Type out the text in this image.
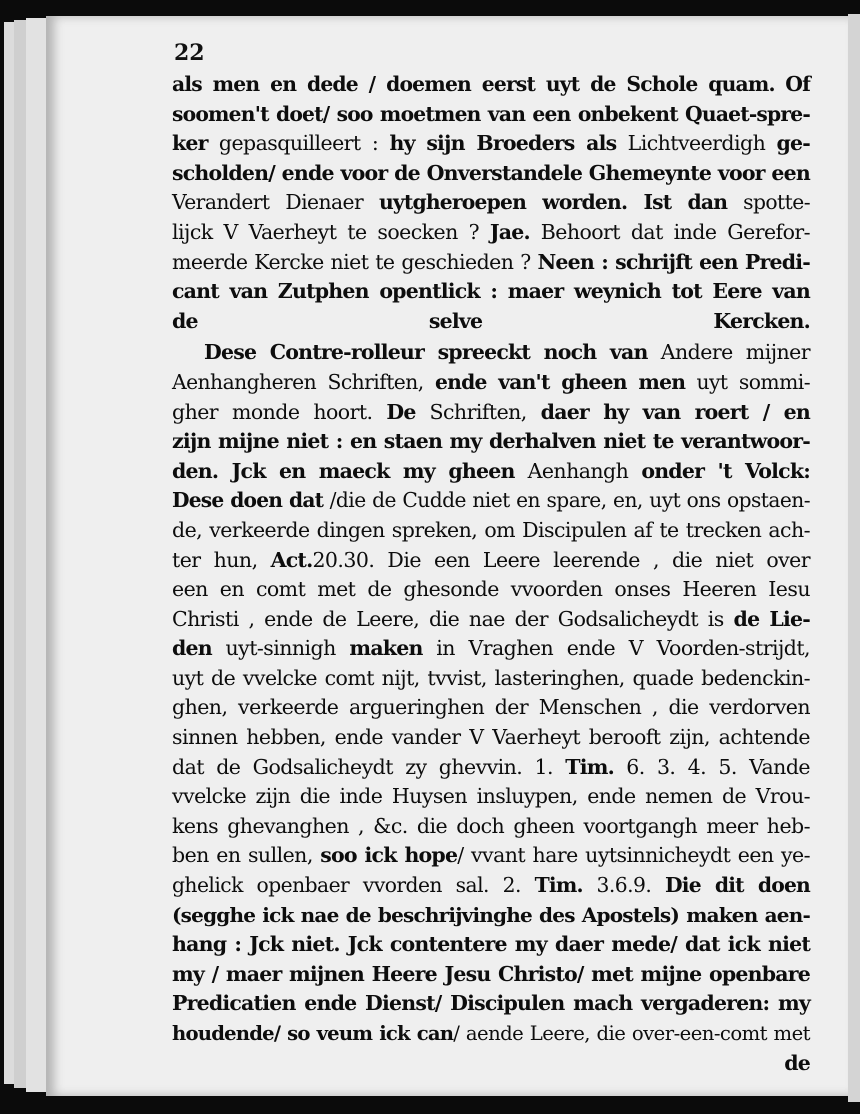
22
als men en dede / doemen eerst uyt de Schole quam. Of
soomen't doet/ soo moetmen van een onbekent Quaet-spre-
ker gepasquilleert : hy sijn Broeders als Lichtveerdigh ge-
scholden/ ende voor de Onverstandele Ghemeynte voor een
Verandert Dienaer uytgheroepen worden. Ist dan spotte-
lijck V Vaerheyt te soecken ? Jae. Behoort dat inde Gerefor-
meerde Kercke niet te geschieden ? Neen : schrijft een Predi-
cant van Zutphen opentlick : maer weynich tot Eere van
de selve Kercken.
Dese Contre-rolleur spreeckt noch van Andere mijner
Aenhangheren Schriften, ende van't gheen men uyt sommi-
gher monde hoort. De Schriften, daer hy van roert / en
zijn mijne niet : en staen my derhalven niet te verantwoor-
den. Jck en maeck my gheen Aenhangh onder 't Volck:
Dese doen dat /die de Cudde niet en spare, en, uyt ons opstaen-
de, verkeerde dingen spreken, om Discipulen af te trecken ach-
ter hun, Act.20.30. Die een Leere leerende , die niet over
een en comt met de ghesonde vvoorden onses Heeren Iesu
Christi , ende de Leere, die nae der Godsalicheydt is de Lie-
den uyt-sinnigh maken in Vraghen ende V Voorden-strijdt,
uyt de vvelcke comt nijt, tvvist, lasteringhen, quade bedenckin-
ghen, verkeerde argueringhen der Menschen , die verdorven
sinnen hebben, ende vander V Vaerheyt berooft zijn, achtende
dat de Godsalicheydt zy ghevvin. 1. Tim. 6. 3. 4. 5. Vande
vvelcke zijn die inde Huysen insluypen, ende nemen de Vrou-
kens ghevanghen , &c. die doch gheen voortgangh meer heb-
ben en sullen, soo ick hope/ vvant hare uytsinnicheydt een ye-
ghelick openbaer vvorden sal. 2. Tim. 3.6.9. Die dit doen
(segghe ick nae de beschrijvinghe des Apostels) maken aen-
hang : Jck niet. Jck contentere my daer mede/ dat ick niet
my / maer mijnen Heere Jesu Christo/ met mijne openbare
Predicatien ende Dienst/ Discipulen mach vergaderen: my
houdende/ so veum ick can/ aende Leere, die over-een-comt met
de
